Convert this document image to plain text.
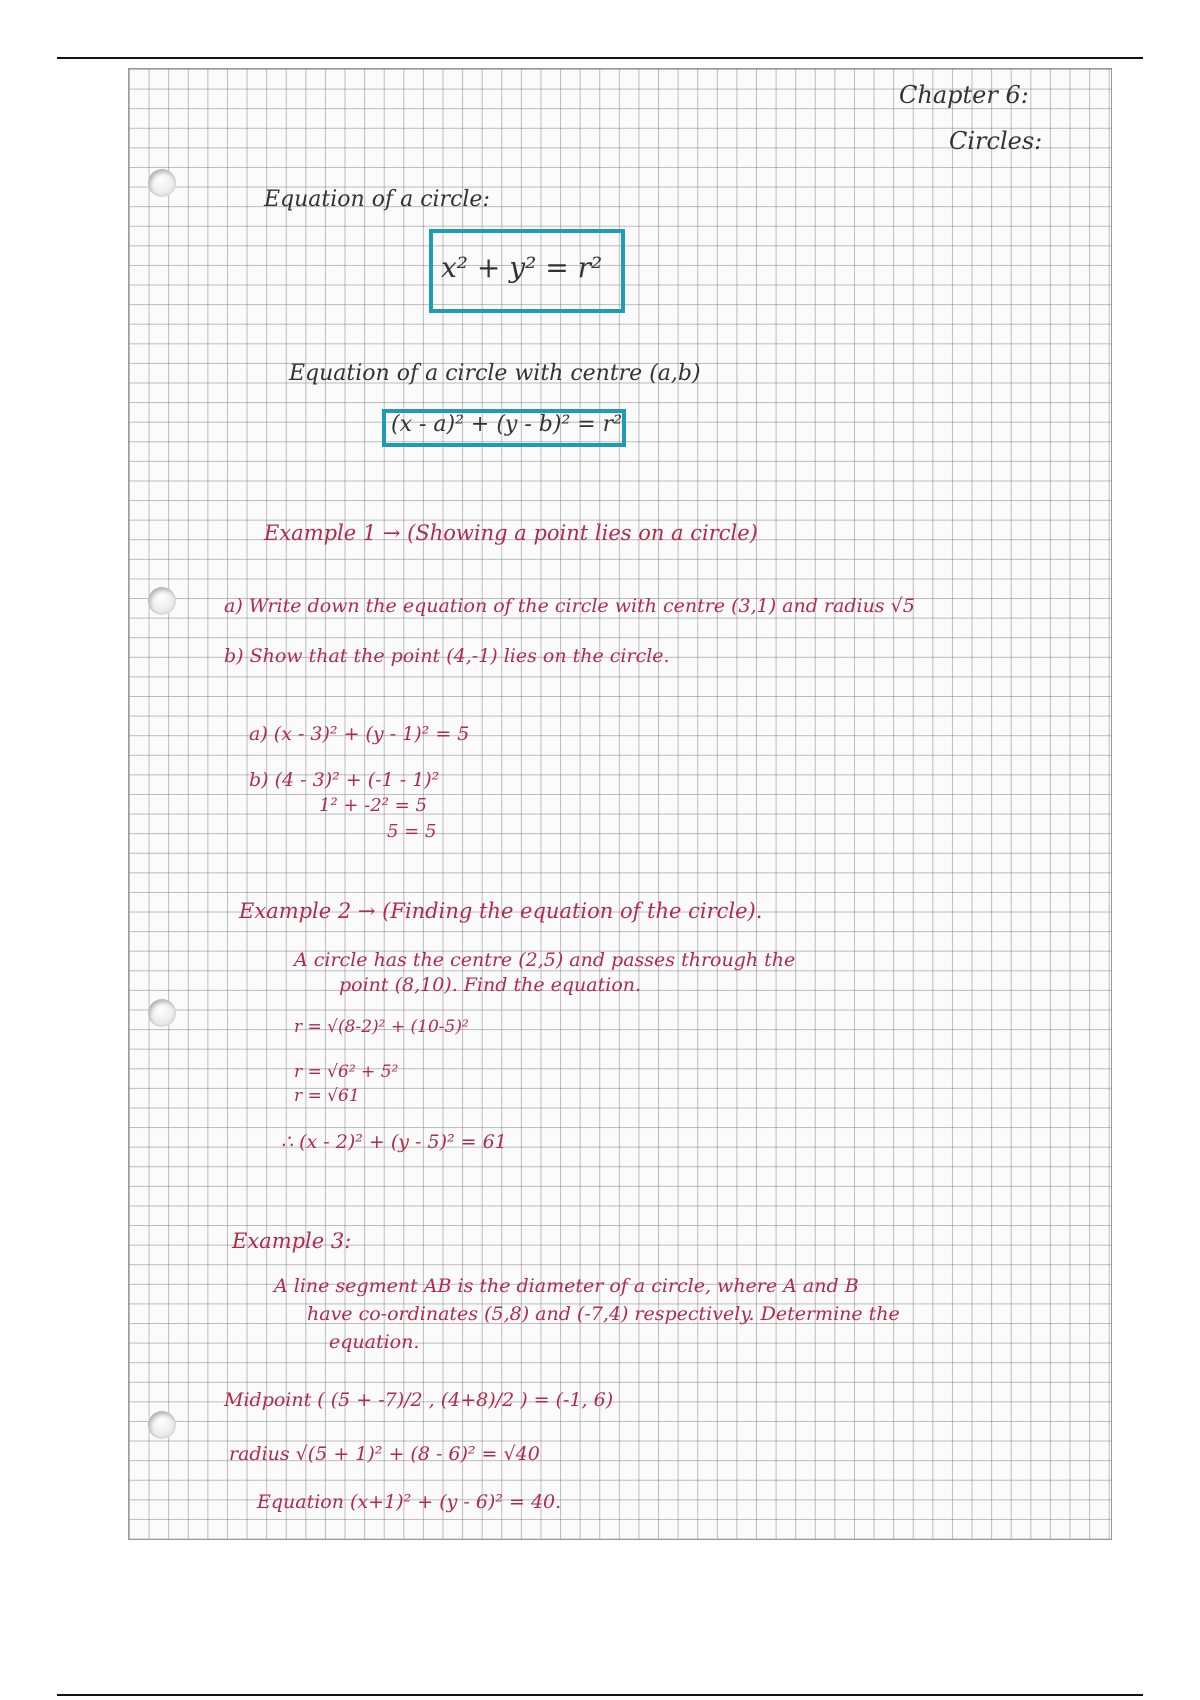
Chapter 6:
Circles:
Equation of a circle:
x² + y² = r²
Equation of a circle with centre (a,b)
(x - a)² + (y - b)² = r²
Example 1 → (Showing a point lies on a circle)
a) Write down the equation of the circle with centre (3,1) and radius √5
b) Show that the point (4,-1) lies on the circle.
a) (x - 3)² + (y - 1)² = 5
b) (4 - 3)² + (-1 - 1)²
1² + -2² = 5
5 = 5
Example 2 → (Finding the equation of the circle).
A circle has the centre (2,5) and passes through the
point (8,10). Find the equation.
r = √(8-2)² + (10-5)²
r = √6² + 5²
r = √61
∴ (x - 2)² + (y - 5)² = 61
Example 3:
A line segment AB is the diameter of a circle, where A and B
have co-ordinates (5,8) and (-7,4) respectively. Determine the
equation.
Midpoint ( (5 + -7)/2 , (4+8)/2 ) = (-1, 6)
radius √(5 + 1)² + (8 - 6)² = √40
Equation (x+1)² + (y - 6)² = 40.
